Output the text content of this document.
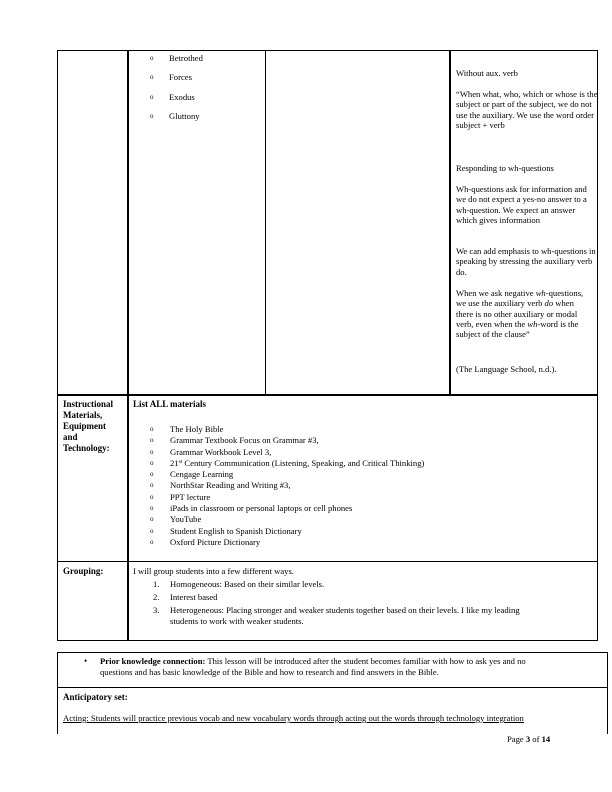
o Betrothed
o Forces
o Exodus
o Gluttony
Without aux. verb
“When what, who, which or whose is the subject or part of the subject, we do not use the auxiliary. We use the word order subject + verb
Responding to wh-questions
Wh-questions ask for information and we do not expect a yes-no answer to a wh-question. We expect an answer which gives information
We can add emphasis to wh-questions in speaking by stressing the auxiliary verb do.
When we ask negative wh-questions, we use the auxiliary verb do when there is no other auxiliary or modal verb, even when the wh-word is the subject of the clause”
(The Language School, n.d.).
Instructional
Materials,
Equipment
and
Technology:
List ALL materials
o The Holy Bible
o Grammar Textbook Focus on Grammar #3,
o Grammar Workbook Level 3,
o 21st Century Communication (Listening, Speaking, and Critical Thinking)
o Cengage Learning
o NorthStar Reading and Writing #3,
o PPT lecture
o iPads in classroom or personal laptops or cell phones
o YouTube
o Student English to Spanish Dictionary
o Oxford Picture Dictionary
Grouping:	I will group students into a few different ways.
1. Homogeneous: Based on their similar levels.
2. Interest based
3. Heterogeneous: Placing stronger and weaker students together based on their levels. I like my leading
students to work with weaker students.
• Prior knowledge connection: This lesson will be introduced after the student becomes familiar with how to ask yes and no
questions and has basic knowledge of the Bible and how to research and find answers in the Bible.
Anticipatory set:
Acting: Students will practice previous vocab and new vocabulary words through acting out the words through technology integration
Page 3 of 14
